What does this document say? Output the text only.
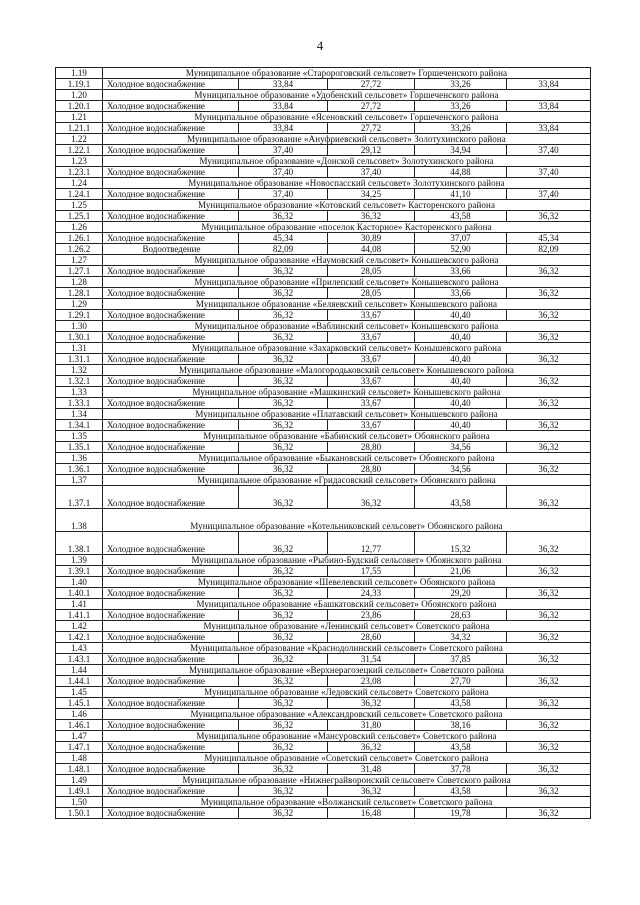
4
1.19	Муниципальное образование «Старороговский сельсовет» Горшеченского района				
1.19.1	Холодное водоснабжение	33,84	27,72	33,26	33,84
1.20	Муниципальное образование «Удобенский сельсовет» Горшеченского района				
1.20.1	Холодное водоснабжение	33,84	27,72	33,26	33,84
1.21	Муниципальное образование «Ясеновский сельсовет» Горшеченского района				
1.21.1	Холодное водоснабжение	33,84	27,72	33,26	33,84
1.22	Муниципальное образование «Ануфриевский сельсовет» Золотухинского района				
1.22.1	Холодное водоснабжение	37,40	29,12	34,94	37,40
1.23	Муниципальное образование «Донской сельсовет» Золотухинского района				
1.23.1	Холодное водоснабжение	37,40	37,40	44,88	37,40
1.24	Муниципальное образование «Новоспасский сельсовет» Золотухинского района				
1.24.1	Холодное водоснабжение	37,40	34,25	41,10	37,40
1.25	Муниципальное образование «Котовский сельсовет» Касторенского района				
1.25.1	Холодное водоснабжение	36,32	36,32	43,58	36,32
1.26	Муниципальное образование «поселок Касторное» Касторенского района				
1.26.1	Холодное водоснабжение	45,34	30,89	37,07	45,34
1.26.2	Водоотведение	82,09	44,08	52,90	82,09
1.27	Муниципальное образование «Наумовский сельсовет» Конышевского района				
1.27.1	Холодное водоснабжение	36,32	28,05	33,66	36,32
1.28	Муниципальное образование «Прилепский сельсовет» Конышевского района				
1.28.1	Холодное водоснабжение	36,32	28,05	33,66	36,32
1.29	Муниципальное образование «Беляевский сельсовет» Конышевского района				
1.29.1	Холодное водоснабжение	36,32	33,67	40,40	36,32
1.30	Муниципальное образование «Ваблинский сельсовет» Конышевского района				
1.30.1	Холодное водоснабжение	36,32	33,67	40,40	36,32
1.31	Муниципальное образование «Захарковский сельсовет» Конышевского района				
1.31.1	Холодное водоснабжение	36,32	33,67	40,40	36,32
1.32	Муниципальное образование «Малогородьковский сельсовет» Конышевского района				
1.32.1	Холодное водоснабжение	36,32	33,67	40,40	36,32
1.33	Муниципальное образование «Машкинский сельсовет» Конышевского района				
1.33.1	Холодное водоснабжение	36,32	33,67	40,40	36,32
1.34	Муниципальное образование «Платавский сельсовет» Конышевского района				
1.34.1	Холодное водоснабжение	36,32	33,67	40,40	36,32
1.35	Муниципальное образование «Бабинский сельсовет» Обоянского района				
1.35.1	Холодное водоснабжение	36,32	28,80	34,56	36,32
1.36	Муниципальное образование «Быкановский сельсовет» Обоянского района				
1.36.1	Холодное водоснабжение	36,32	28,80	34,56	36,32
1.37	Муниципальное образование «Гридасовский сельсовет» Обоянского района				
1.37.1	Холодное водоснабжение	36,32	36,32	43,58	36,32
1.38	Муниципальное образование «Котельниковский сельсовет» Обоянского района				
1.38.1	Холодное водоснабжение	36,32	12,77	15,32	36,32
1.39	Муниципальное образование «Рыбино-Будский сельсовет» Обоянского района				
1.39.1	Холодное водоснабжение	36,32	17,55	21,06	36,32
1.40	Муниципальное образование «Шевелевский сельсовет» Обоянского района				
1.40.1	Холодное водоснабжение	36,32	24,33	29,20	36,32
1.41	Муниципальное образование «Башкатовский сельсовет» Обоянского района				
1.41.1	Холодное водоснабжение	36,32	23,86	28,63	36,32
1.42	Муниципальное образование «Ленинский сельсовет» Советского района				
1.42.1	Холодное водоснабжение	36,32	28,60	34,32	36,32
1.43	Муниципальное образование «Краснодолинский сельсовет» Советского района				
1.43.1	Холодное водоснабжение	36,32	31,54	37,85	36,32
1.44	Муниципальное образование «Верхнерагозецкий сельсовет» Советского района				
1.44.1	Холодное водоснабжение	36,32	23,08	27,70	36,32
1.45	Муниципальное образование «Ледовский сельсовет» Советского района				
1.45.1	Холодное водоснабжение	36,32	36,32	43,58	36,32
1.46	Муниципальное образование «Александровский сельсовет» Советского района				
1.46.1	Холодное водоснабжение	36,32	31,80	38,16	36,32
1.47	Муниципальное образование «Мансуровский сельсовет» Советского района				
1.47.1	Холодное водоснабжение	36,32	36,32	43,58	36,32
1.48	Муниципальное образование «Советский сельсовет» Советского района				
1.48.1	Холодное водоснабжение	36,32	31,48	37,78	36,32
1.49	Муниципальное образование «Нижнеграйворонский сельсовет» Советского района				
1.49.1	Холодное водоснабжение	36,32	36,32	43,58	36,32
1.50	Муниципальное образование «Волжанский сельсовет» Советского района				
1.50.1	Холодное водоснабжение	36,32	16,48	19,78	36,32
